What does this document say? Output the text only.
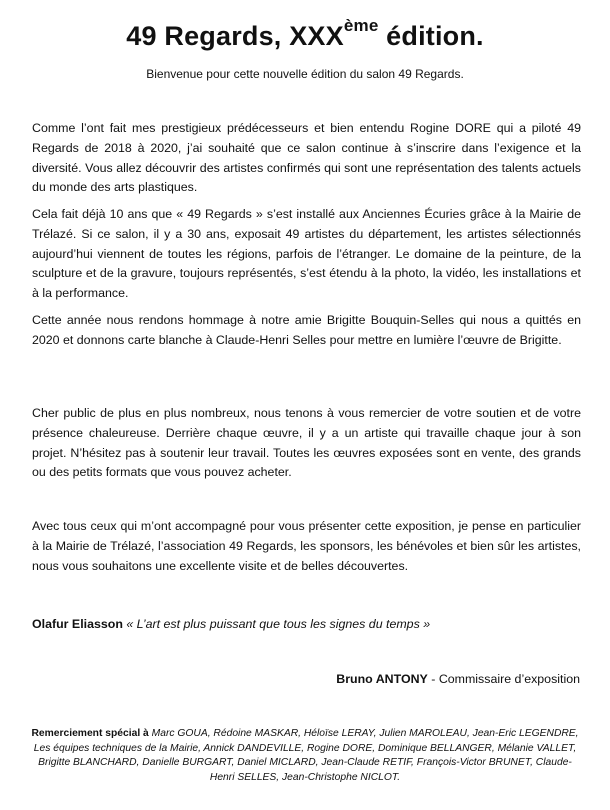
49 Regards, XXXème édition.
Bienvenue pour cette nouvelle édition du salon 49 Regards.

Comme l’ont fait mes prestigieux prédécesseurs et bien entendu Rogine DORE qui a piloté 49 Regards de 2018 à 2020, j’ai souhaité que ce salon continue à s’inscrire dans l’exigence et la diversité. Vous allez découvrir des artistes confirmés qui sont une représentation des talents actuels du monde des arts plastiques.

Cela fait déjà 10 ans que « 49 Regards » s’est installé aux Anciennes Écuries grâce à la Mairie de Trélazé. Si ce salon, il y a 30 ans, exposait 49 artistes du département, les artistes sélectionnés aujourd’hui viennent de toutes les régions, parfois de l’étranger. Le domaine de la peinture, de la sculpture et de la gravure, toujours représentés, s’est étendu à la photo, la vidéo, les installations et à la performance.

Cette année nous rendons hommage à notre amie Brigitte Bouquin-Selles qui nous a quittés en 2020 et donnons carte blanche à Claude-Henri Selles pour mettre en lumière l’œuvre de Brigitte.

Cher public de plus en plus nombreux, nous tenons à vous remercier de votre soutien et de votre présence chaleureuse. Derrière chaque œuvre, il y a un artiste qui travaille chaque jour à son projet. N’hésitez pas à soutenir leur travail. Toutes les œuvres exposées sont en vente, des grands ou des petits formats que vous pouvez acheter.

Avec tous ceux qui m’ont accompagné pour vous présenter cette exposition, je pense en particulier à la Mairie de Trélazé, l’association 49 Regards, les sponsors, les bénévoles et bien sûr les artistes, nous vous souhaitons une excellente visite et de belles découvertes.

Olafur Eliasson « L’art est plus puissant que tous les signes du temps »
Bruno ANTONY - Commissaire d’exposition
Remerciement spécial à Marc GOUA, Rédoine MASKAR, Héloïse LERAY, Julien MAROLEAU, Jean-Eric LEGENDRE, Les équipes techniques de la Mairie, Annick DANDEVILLE, Rogine DORE, Dominique BELLANGER, Mélanie VALLET, Brigitte BLANCHARD, Danielle BURGART, Daniel MICLARD, Jean-Claude RETIF, François-Victor BRUNET, Claude-Henri SELLES, Jean-Christophe NICLOT.
